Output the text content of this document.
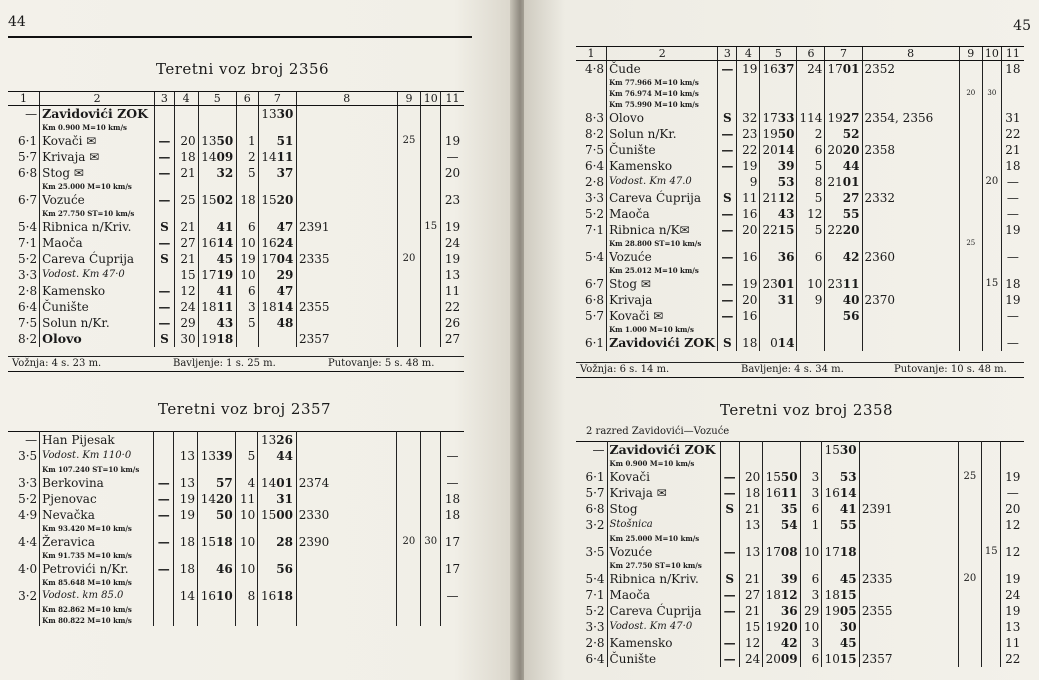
44
Teretni voz broj 2356
1	2	3	4	5		6	7		8	9	10	11
—	Zavidovići ZOK						13	30				
	Km 0.900 M=10 km/s											
6·1	Kovači ✉	—	20	13	50	1		51		25		19
5·7	Krivaja ✉	—	18	14	09	2	14	11				—
6·8	Stog ✉	—	21		32	5		37				20
	Km 25.000 M=10 km/s											
6·7	Vozuće	—	25	15	02	18	15	20				23
	Km 27.750 ST=10 km/s											
5·4	Ribnica n/Kriv.	S	21		41	6		47	2391		15	19
7·1	Maoča	—	27	16	14	10	16	24				24
5·2	Careva Ćuprija	S	21		45	19	17	04	2335	20		19
3·3	Vodost. Km 47·0		15	17	19	10		29				13
2·8	Kamensko	—	12		41	6		47				11
6·4	Čunište	—	24	18	11	3	18	14	2355			22
7·5	Solun n/Kr.	—	29		43	5		48				26
8·2	Olovo	S	30	19	18				2357			27
Vožnja: 4 s. 23 m.	Bavljenje: 1 s. 25 m.	Putovanje: 5 s. 48 m.
Teretni voz broj 2357
—	Han Pijesak						13	26				
3·5	Vodost. Km 110·0		13	13	39	5		44				—
	Km 107.240 ST=10 km/s											
3·3	Berkovina	—	13		57	4	14	01	2374			—
5·2	Pjenovac	—	19	14	20	11		31				18
4·9	Nevačka	—	19		50	10	15	00	2330			18
	Km 93.420 M=10 km/s											
4·4	Žeravica	—	18	15	18	10		28	2390	20	30	17
	Km 91.735 M=10 km/s											
4·0	Petrovići n/Kr.	—	18		46	10		56				17
	Km 85.648 M=10 km/s											
3·2	Vodost. km 85.0		14	16	10	8	16	18				—
	Km 82.862 M=10 km/s											
	Km 80.822 M=10 km/s											
45
1	2	3	4	5		6	7		8	9	10	11
4·8	Čude	—	19	16	37	24	17	01	2352			18
	Km 77.966 M=10 km/s											
	Km 76.974 M=10 km/s									20	30	
	Km 75.990 M=10 km/s											
8·3	Olovo	S	32	17	33	114	19	27	2354, 2356			31
8·2	Solun n/Kr.	—	23	19	50	2		52				22
7·5	Čunište	—	22	20	14	6	20	20	2358			21
6·4	Kamensko	—	19		39	5		44				18
2·8	Vodost. Km 47.0		9		53	8	21	01			20	—
3·3	Careva Ćuprija	S	11	21	12	5		27	2332			—
5·2	Maoča	—	16		43	12		55				—
7·1	Ribnica n/K✉	—	20	22	15	5	22	20				19
	Km 28.800 ST=10 km/s									25		
5·4	Vozuće	—	16		36	6		42	2360			—
	Km 25.012 M=10 km/s											
6·7	Stog ✉	—	19	23	01	10	23	11			15	18
6·8	Krivaja	—	20		31	9		40	2370			19
5·7	Kovači ✉	—	16					56				—
	Km 1.000 M=10 km/s											
6·1	Zavidovići ZOK	S	18	0	14							—
Vožnja: 6 s. 14 m.	Bavljenje: 4 s. 34 m.	Putovanje: 10 s. 48 m.
Teretni voz broj 2358
2 razred Zavidovići—Vozuće
—	Zavidovići ZOK						15	30				
	Km 0.900 M=10 km/s											
6·1	Kovači	—	20	15	50	3		53		25		19
5·7	Krivaja ✉	—	18	16	11	3	16	14				—
6·8	Stog	S	21		35	6		41	2391			20
3·2	Stošnica		13		54	1		55				12
	Km 25.000 M=10 km/s											
3·5	Vozuće	—	13	17	08	10	17	18			15	12
	Km 27.750 ST=10 km/s											
5·4	Ribnica n/Kriv.	S	21		39	6		45	2335	20		19
7·1	Maoča	—	27	18	12	3	18	15				24
5·2	Careva Ćuprija	—	21		36	29	19	05	2355			19
3·3	Vodost. Km 47·0		15	19	20	10		30				13
2·8	Kamensko	—	12		42	3		45				11
6·4	Čunište	—	24	20	09	6	10	15	2357			22
